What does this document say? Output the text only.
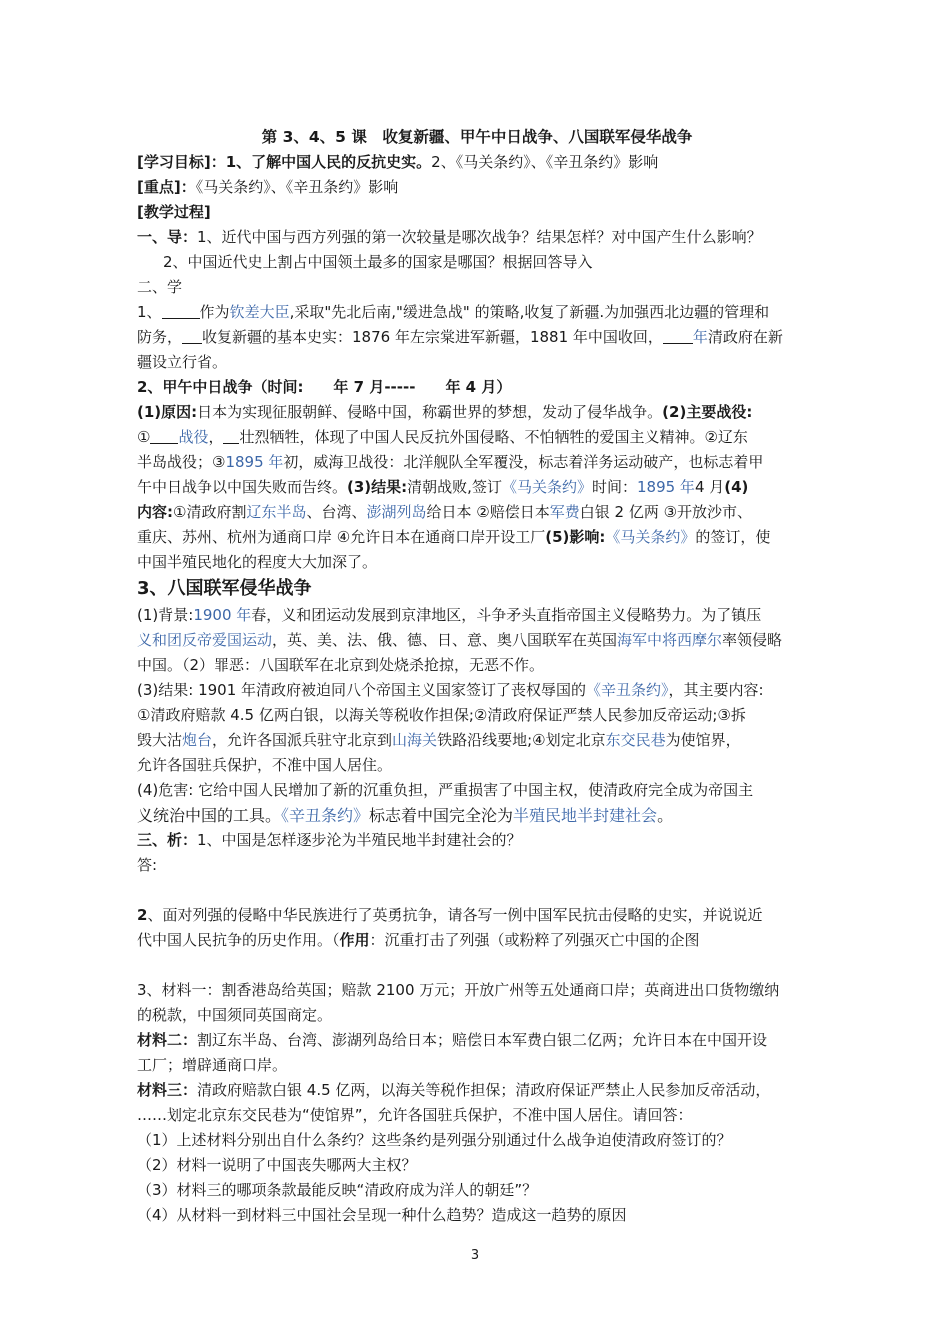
第 3、4、5 课　收复新疆、甲午中日战争、八国联军侵华战争
[学习目标]：1、了解中国人民的反抗史实。2、《马关条约》、《辛丑条约》影响
[重点]：《马关条约》、《辛丑条约》影响
[教学过程]
一、导：1、近代中国与西方列强的第一次较量是哪次战争？结果怎样？对中国产生什么影响？
2、中国近代史上割占中国领土最多的国家是哪国？根据回答导入
二、学
1、	作为钦差大臣,采取"先北后南,"缓进急战" 的策略,收复了新疆.为加强西北边疆的管理和
防务， 收复新疆的基本史实：1876 年左宗棠进军新疆，1881 年中国收回， 年清政府在新
疆设立行省。
2、甲午中日战争（时间:　　年 7 月-----　　年 4 月）
(1)原因:日本为实现征服朝鲜、侵略中国，称霸世界的梦想，发动了侵华战争。(2)主要战役:
① 战役， 壮烈牺牲，体现了中国人民反抗外国侵略、不怕牺牲的爱国主义精神。②辽东
半岛战役；③1895 年初，威海卫战役：北洋舰队全军覆没，标志着洋务运动破产，也标志着甲
午中日战争以中国失败而告终。(3)结果:清朝战败,签订《马关条约》时间：1895 年4 月(4)
内容:①清政府割辽东半岛、台湾、澎湖列岛给日本 ②赔偿日本军费白银 2 亿两 ③开放沙市、
重庆、苏州、杭州为通商口岸 ④允许日本在通商口岸开设工厂(5)影响:《马关条约》的签订，使
中国半殖民地化的程度大大加深了。
3、八国联军侵华战争
(1)背景:1900 年春，义和团运动发展到京津地区，斗争矛头直指帝国主义侵略势力。为了镇压
义和团反帝爱国运动，英、美、法、俄、德、日、意、奥八国联军在英国海军中将西摩尔率领侵略
中国。（2）罪恶：八国联军在北京到处烧杀抢掠，无恶不作。
(3)结果: 1901 年清政府被迫同八个帝国主义国家签订了丧权辱国的《辛丑条约》，其主要内容:
①清政府赔款 4.5 亿两白银，以海关等税收作担保;②清政府保证严禁人民参加反帝运动;③拆
毁大沽炮台，允许各国派兵驻守北京到山海关铁路沿线要地;④划定北京东交民巷为使馆界，
允许各国驻兵保护，不准中国人居住。
(4)危害: 它给中国人民增加了新的沉重负担，严重损害了中国主权，使清政府完全成为帝国主
义统治中国的工具。《辛丑条约》标志着中国完全沦为半殖民地半封建社会。
三、析：1、中国是怎样逐步沦为半殖民地半封建社会的？
答:
2、面对列强的侵略中华民族进行了英勇抗争，请各写一例中国军民抗击侵略的史实，并说说近
代中国人民抗争的历史作用。（作用：沉重打击了列强（或粉粹了列强灭亡中国的企图
3、材料一：割香港岛给英国；赔款 2100 万元；开放广州等五处通商口岸；英商进出口货物缴纳
的税款，中国须同英国商定。
材料二：割辽东半岛、台湾、澎湖列岛给日本；赔偿日本军费白银二亿两；允许日本在中国开设
工厂；增辟通商口岸。
材料三：清政府赔款白银 4.5 亿两，以海关等税作担保；清政府保证严禁止人民参加反帝活动，
……划定北京东交民巷为“使馆界”，允许各国驻兵保护，不准中国人居住。请回答：
（1）上述材料分别出自什么条约？这些条约是列强分别通过什么战争迫使清政府签订的？
（2）材料一说明了中国丧失哪两大主权？
（3）材料三的哪项条款最能反映“清政府成为洋人的朝廷”？
（4）从材料一到材料三中国社会呈现一种什么趋势？造成这一趋势的原因
3
